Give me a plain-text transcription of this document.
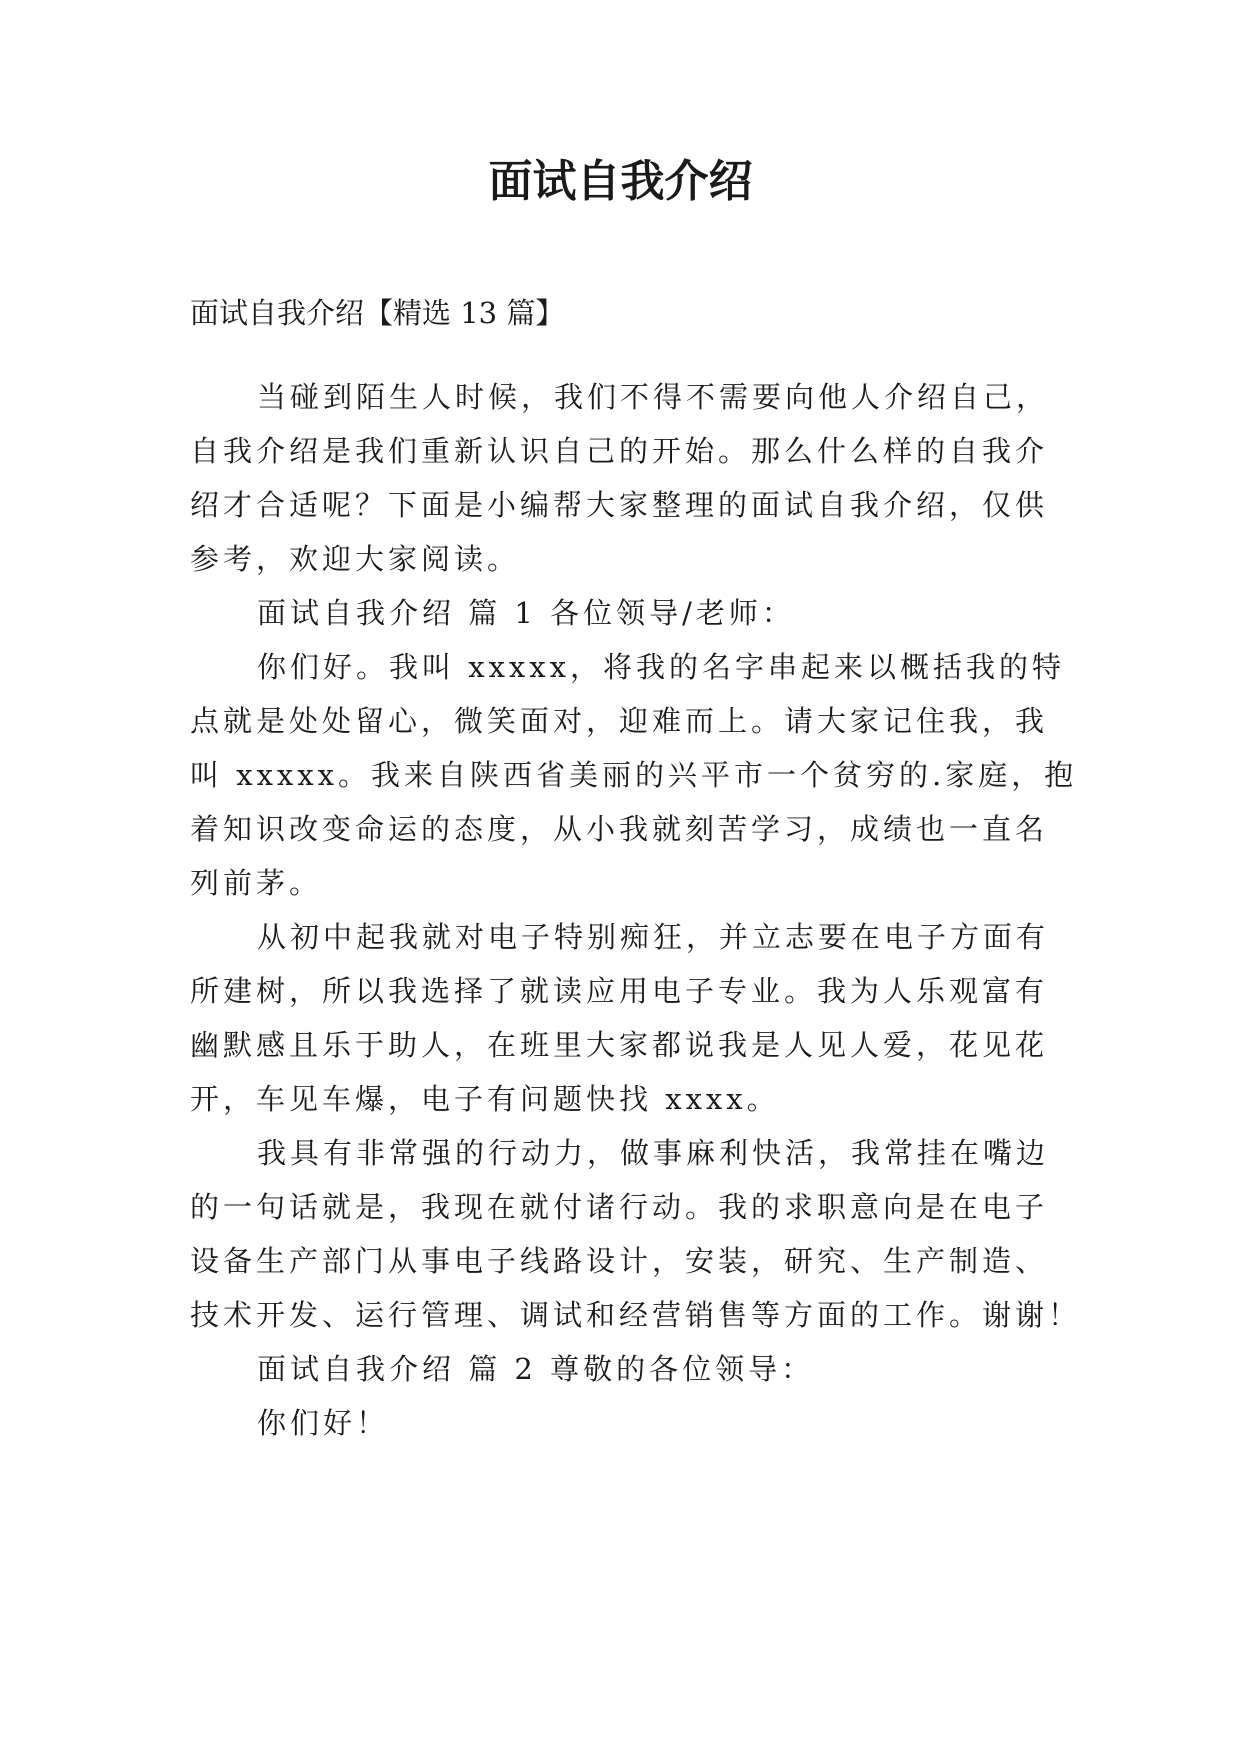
面试自我介绍

面试自我介绍【精选 13 篇】

当碰到陌生人时候，我们不得不需要向他人介绍自己，

自我介绍是我们重新认识自己的开始。那么什么样的自我介

绍才合适呢？下面是小编帮大家整理的面试自我介绍，仅供

参考，欢迎大家阅读。

面试自我介绍 篇 1 各位领导/老师：

你们好。我叫 xxxxx，将我的名字串起来以概括我的特

点就是处处留心，微笑面对，迎难而上。请大家记住我，我

叫 xxxxx。我来自陕西省美丽的兴平市一个贫穷的.家庭，抱

着知识改变命运的态度，从小我就刻苦学习，成绩也一直名

列前茅。

从初中起我就对电子特别痴狂，并立志要在电子方面有

所建树，所以我选择了就读应用电子专业。我为人乐观富有

幽默感且乐于助人，在班里大家都说我是人见人爱，花见花

开，车见车爆，电子有问题快找 xxxx。

我具有非常强的行动力，做事麻利快活，我常挂在嘴边

的一句话就是，我现在就付诸行动。我的求职意向是在电子

设备生产部门从事电子线路设计，安装，研究、生产制造、

技术开发、运行管理、调试和经营销售等方面的工作。谢谢！

面试自我介绍 篇 2 尊敬的各位领导：

你们好！
